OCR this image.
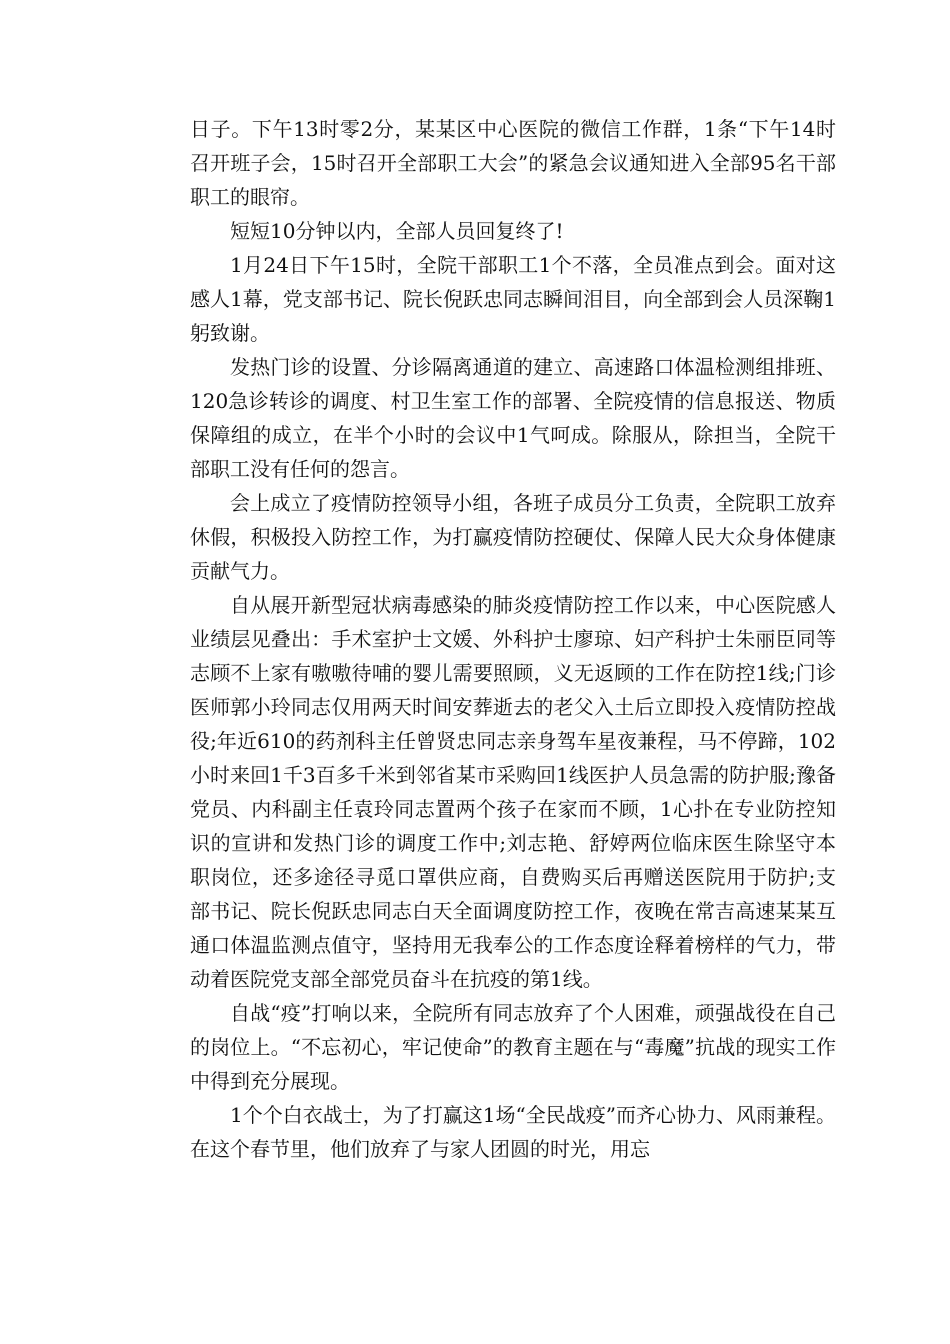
日子。下午13时零2分，某某区中心医院的微信工作群，1条“下午14时召开班子会，15时召开全部职工大会”的紧急会议通知进入全部95名干部职工的眼帘。

短短10分钟以内，全部人员回复终了!

1月24日下午15时，全院干部职工1个不落，全员准点到会。面对这感人1幕，党支部书记、院长倪跃忠同志瞬间泪目，向全部到会人员深鞠1躬致谢。

发热门诊的设置、分诊隔离通道的建立、高速路口体温检测组排班、120急诊转诊的调度、村卫生室工作的部署、全院疫情的信息报送、物质保障组的成立，在半个小时的会议中1气呵成。除服从，除担当，全院干部职工没有任何的怨言。

会上成立了疫情防控领导小组，各班子成员分工负责，全院职工放弃休假，积极投入防控工作，为打赢疫情防控硬仗、保障人民大众身体健康贡献气力。

自从展开新型冠状病毒感染的肺炎疫情防控工作以来，中心医院感人业绩层见叠出：手术室护士文媛、外科护士廖琼、妇产科护士朱丽臣同等志顾不上家有嗷嗷待哺的婴儿需要照顾，义无返顾的工作在防控1线;门诊医师郭小玲同志仅用两天时间安葬逝去的老父入土后立即投入疫情防控战役;年近610的药剂科主任曾贤忠同志亲身驾车星夜兼程，马不停蹄，102小时来回1千3百多千米到邻省某市采购回1线医护人员急需的防护服;豫备党员、内科副主任袁玲同志置两个孩子在家而不顾，1心扑在专业防控知识的宣讲和发热门诊的调度工作中;刘志艳、舒婷两位临床医生除坚守本职岗位，还多途径寻觅口罩供应商，自费购买后再赠送医院用于防护;支部书记、院长倪跃忠同志白天全面调度防控工作，夜晚在常吉高速某某互通口体温监测点值守，坚持用无我奉公的工作态度诠释着榜样的气力，带动着医院党支部全部党员奋斗在抗疫的第1线。

自战“疫”打响以来，全院所有同志放弃了个人困难，顽强战役在自己的岗位上。“不忘初心，牢记使命”的教育主题在与“毒魔”抗战的现实工作中得到充分展现。

1个个白衣战士，为了打赢这1场“全民战疫”而齐心协力、风雨兼程。在这个春节里，他们放弃了与家人团圆的时光，用忘
